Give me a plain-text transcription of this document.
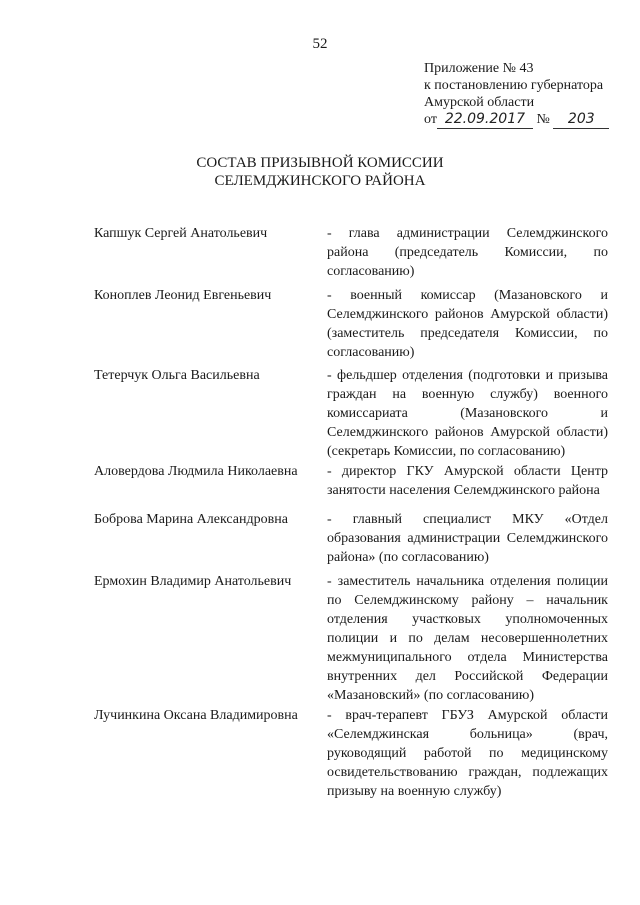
52
Приложение № 43
к постановлению губернатора
Амурской области
от 22.09.2017 № 203
СОСТАВ ПРИЗЫВНОЙ КОМИССИИ
СЕЛЕМДЖИНСКОГО РАЙОНА
Капшук Сергей Анатольевич	- глава администрации Селемджинского района (председатель Комиссии, по согласованию)
Коноплев Леонид Евгеньевич	- военный комиссар (Мазановского и Селемджинского районов Амурской области) (заместитель председателя Комиссии, по согласованию)
Тетерчук Ольга Васильевна	- фельдшер отделения (подготовки и призыва граждан на военную службу) военного комиссариата (Мазановского и Селемджинского районов Амурской области) (секретарь Комиссии, по согласованию)
Аловердова Людмила Николаевна	- директор ГКУ Амурской области Центр занятости населения Селемджинского района
Боброва Марина Александровна	- главный специалист МКУ «Отдел образования администрации Селемджинского района» (по согласованию)
Ермохин Владимир Анатольевич	- заместитель начальника отделения полиции по Селемджинскому району – начальник отделения участковых уполномоченных полиции и по делам несовершеннолетних межмуниципального отдела Министерства внутренних дел Российской Федерации «Мазановский» (по согласованию)
Лучинкина Оксана Владимировна	- врач-терапевт ГБУЗ Амурской области «Селемджинская больница» (врач, руководящий работой по медицинскому освидетельствованию граждан, подлежащих призыву на военную службу)
